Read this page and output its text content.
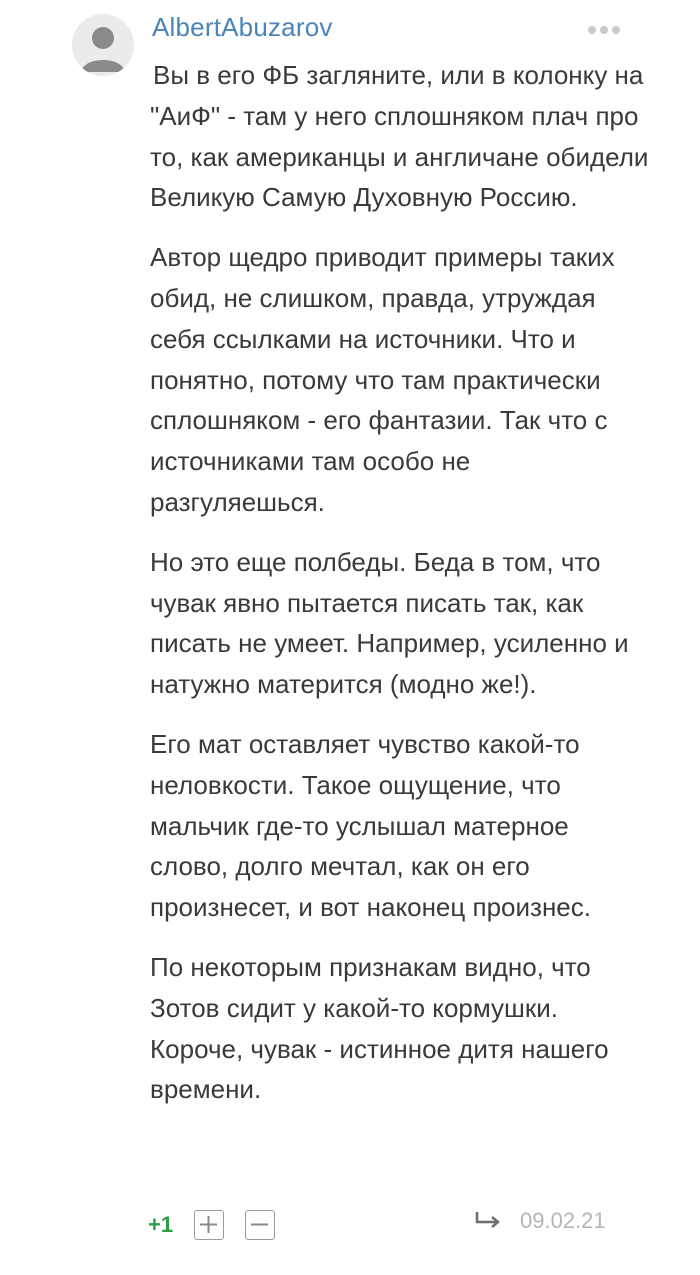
AlbertAbuzarov

Вы в его ФБ загляните, или в колонку на "АиФ" - там у него сплошняком плач про то, как американцы и англичане обидели Великую Самую Духовную Россию.

Автор щедро приводит примеры таких обид, не слишком, правда, утруждая себя ссылками на источники. Что и понятно, потому что там практически сплошняком - его фантазии. Так что с источниками там особо не разгуляешься.

Но это еще полбеды. Беда в том, что чувак явно пытается писать так, как писать не умеет. Например, усиленно и натужно матерится (модно же!).

Его мат оставляет чувство какой-то неловкости. Такое ощущение, что мальчик где-то услышал матерное слово, долго мечтал, как он его произнесет, и вот наконец произнес.

По некоторым признакам видно, что Зотов сидит у какой-то кормушки. Короче, чувак - истинное дитя нашего времени.

+1	09.02.21
